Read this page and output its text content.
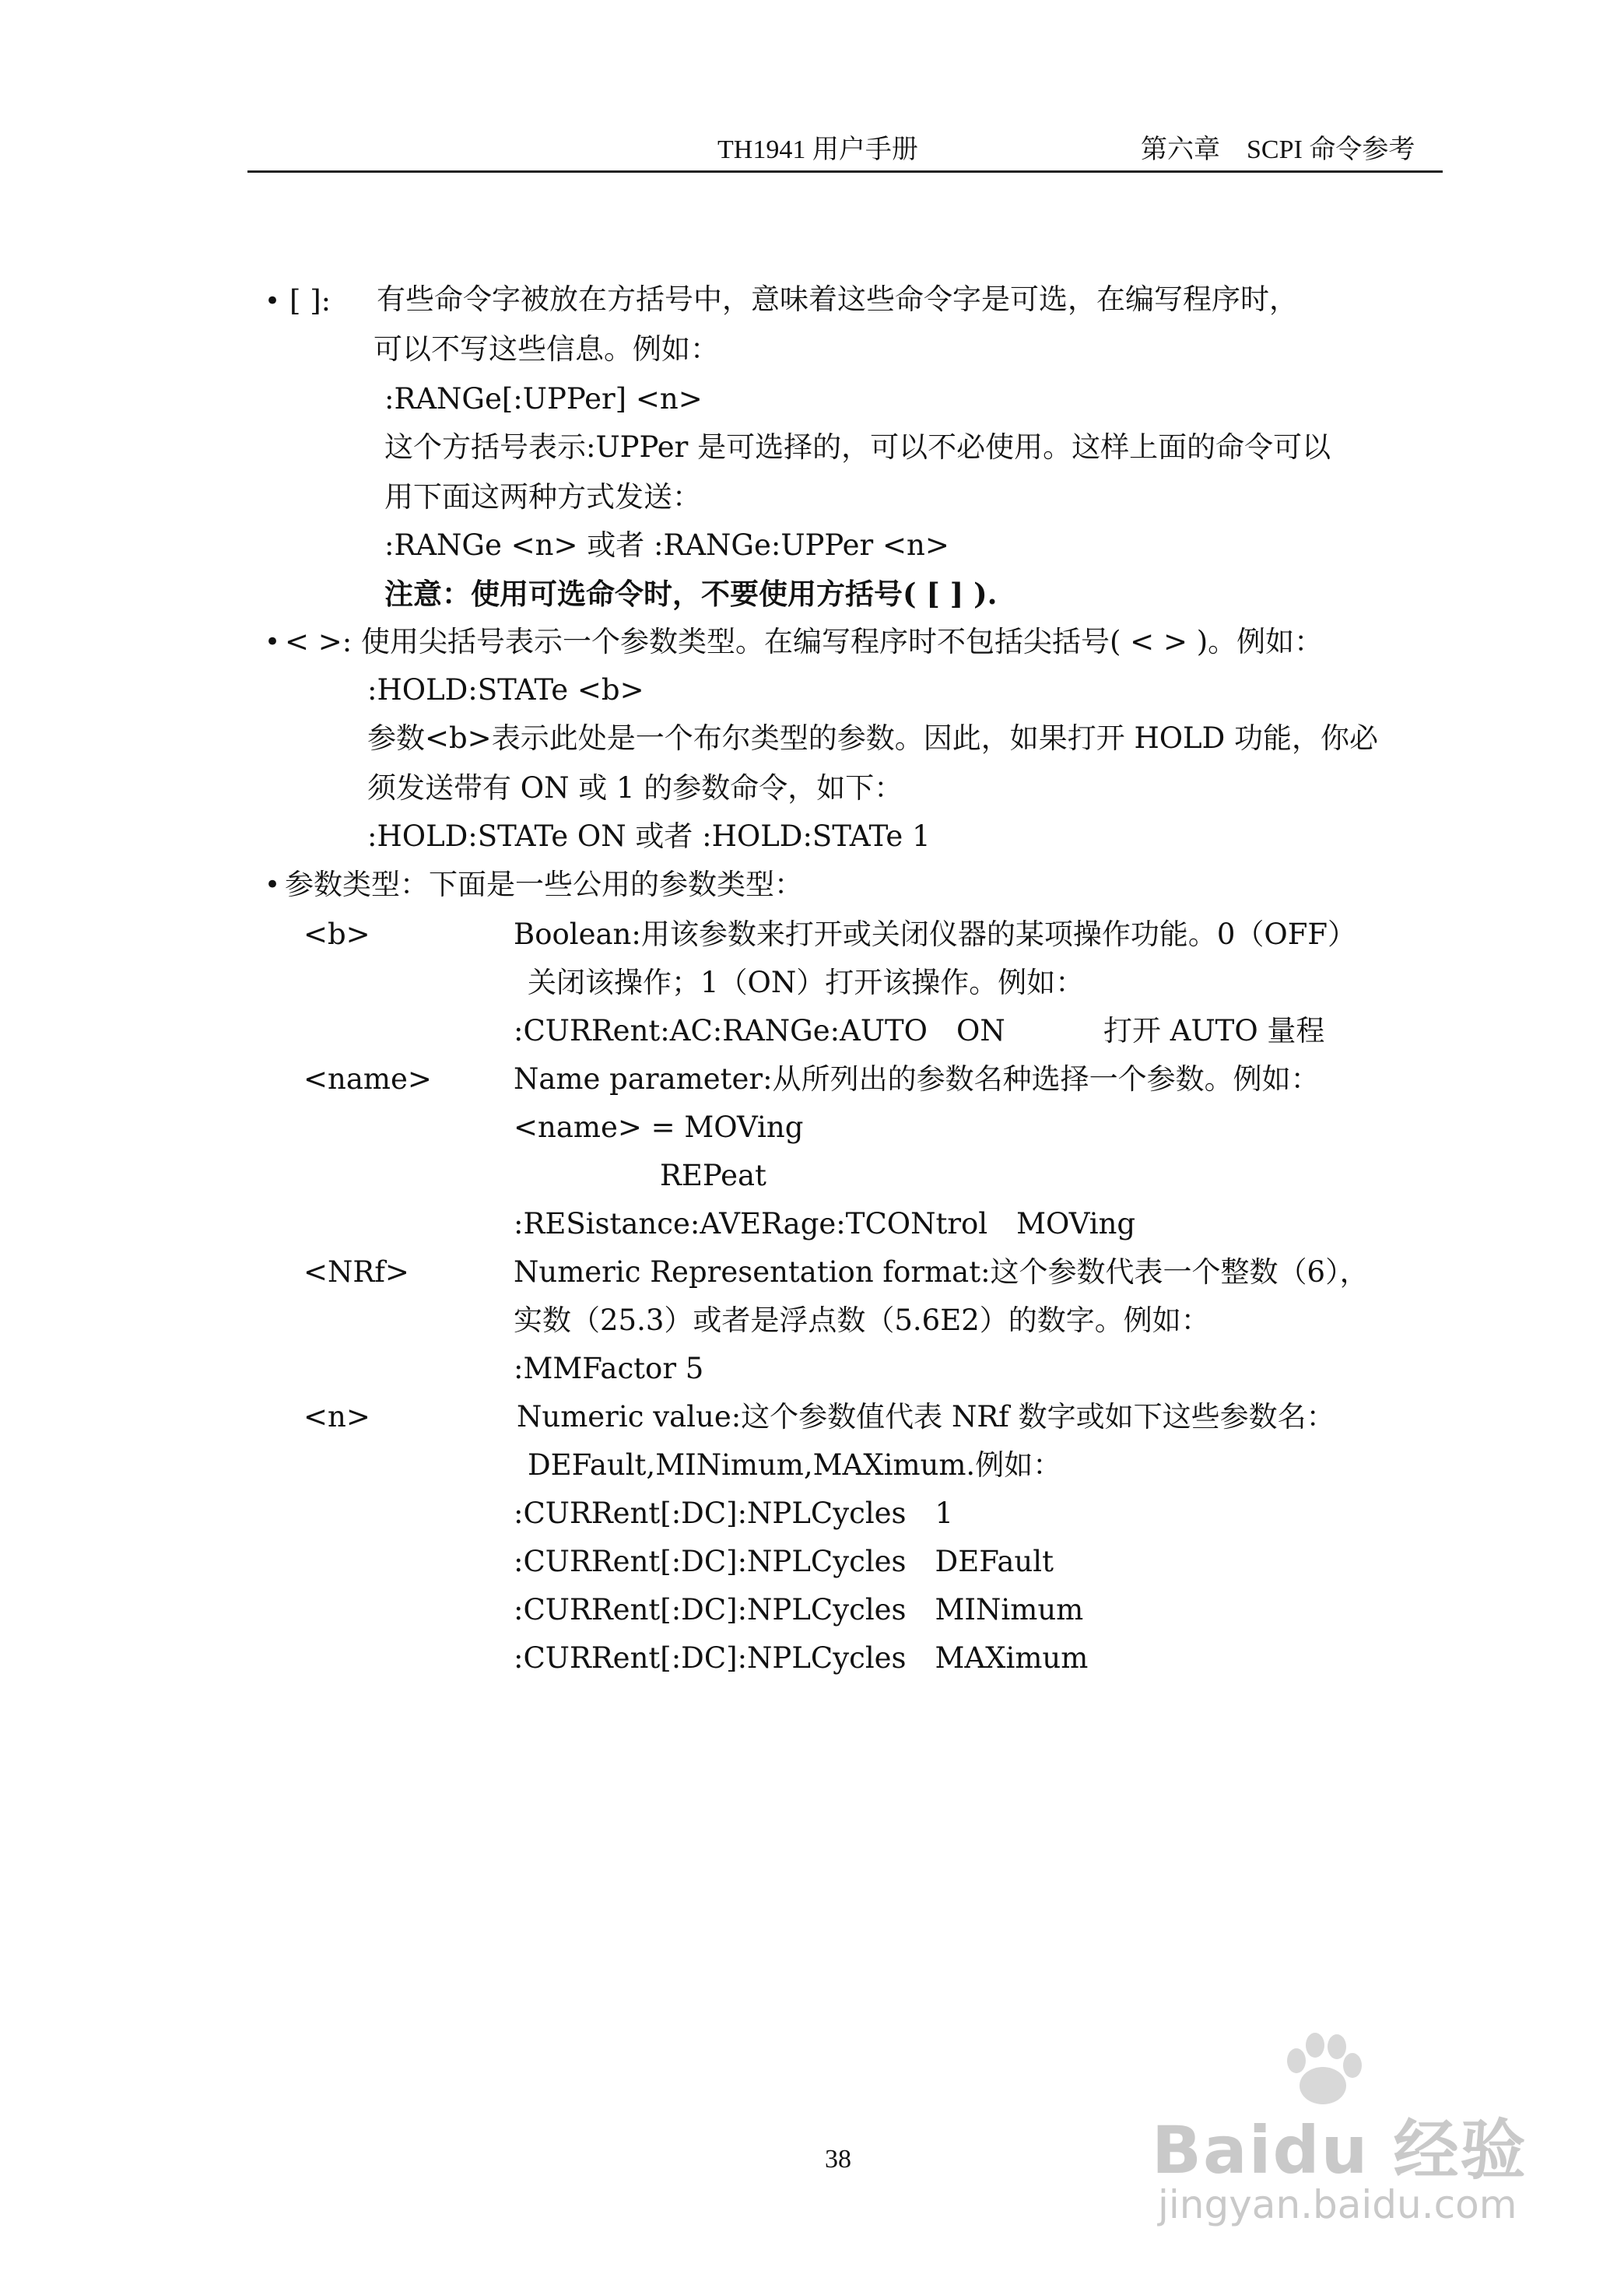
TH1941 用户手册	第六章　SCPI 命令参考
• [ ]: 有些命令字被放在方括号中，意味着这些命令字是可选，在编写程序时，
可以不写这些信息。例如：
:RANGe[:UPPer] <n>
这个方括号表示:UPPer 是可选择的，可以不必使用。这样上面的命令可以
用下面这两种方式发送：
:RANGe <n> 或者 :RANGe:UPPer <n>
注意：使用可选命令时，不要使用方括号( [ ] ).
• < >: 使用尖括号表示一个参数类型。在编写程序时不包括尖括号( < > )。例如：
:HOLD:STATe <b>
参数<b>表示此处是一个布尔类型的参数。因此，如果打开 HOLD 功能，你必
须发送带有 ON 或 1 的参数命令，如下：
:HOLD:STATe ON 或者 :HOLD:STATe 1
• 参数类型：下面是一些公用的参数类型：
<b>	Boolean:用该参数来打开或关闭仪器的某项操作功能。0（OFF）
关闭该操作；1（ON）打开该操作。例如：
:CURRent:AC:RANGe:AUTO　ON	打开 AUTO 量程
<name>	Name parameter:从所列出的参数名种选择一个参数。例如：
<name> = MOVing
REPeat
:RESistance:AVERage:TCONtrol　MOVing
<NRf>	Numeric Representation format:这个参数代表一个整数（6），
实数（25.3）或者是浮点数（5.6E2）的数字。例如：
:MMFactor 5
<n>	Numeric value:这个参数值代表 NRf 数字或如下这些参数名：
DEFault,MINimum,MAXimum.例如：
:CURRent[:DC]:NPLCycles　1
:CURRent[:DC]:NPLCycles　DEFault
:CURRent[:DC]:NPLCycles　MINimum
:CURRent[:DC]:NPLCycles　MAXimum
38	Baidu 经验
jingyan.baidu.com
